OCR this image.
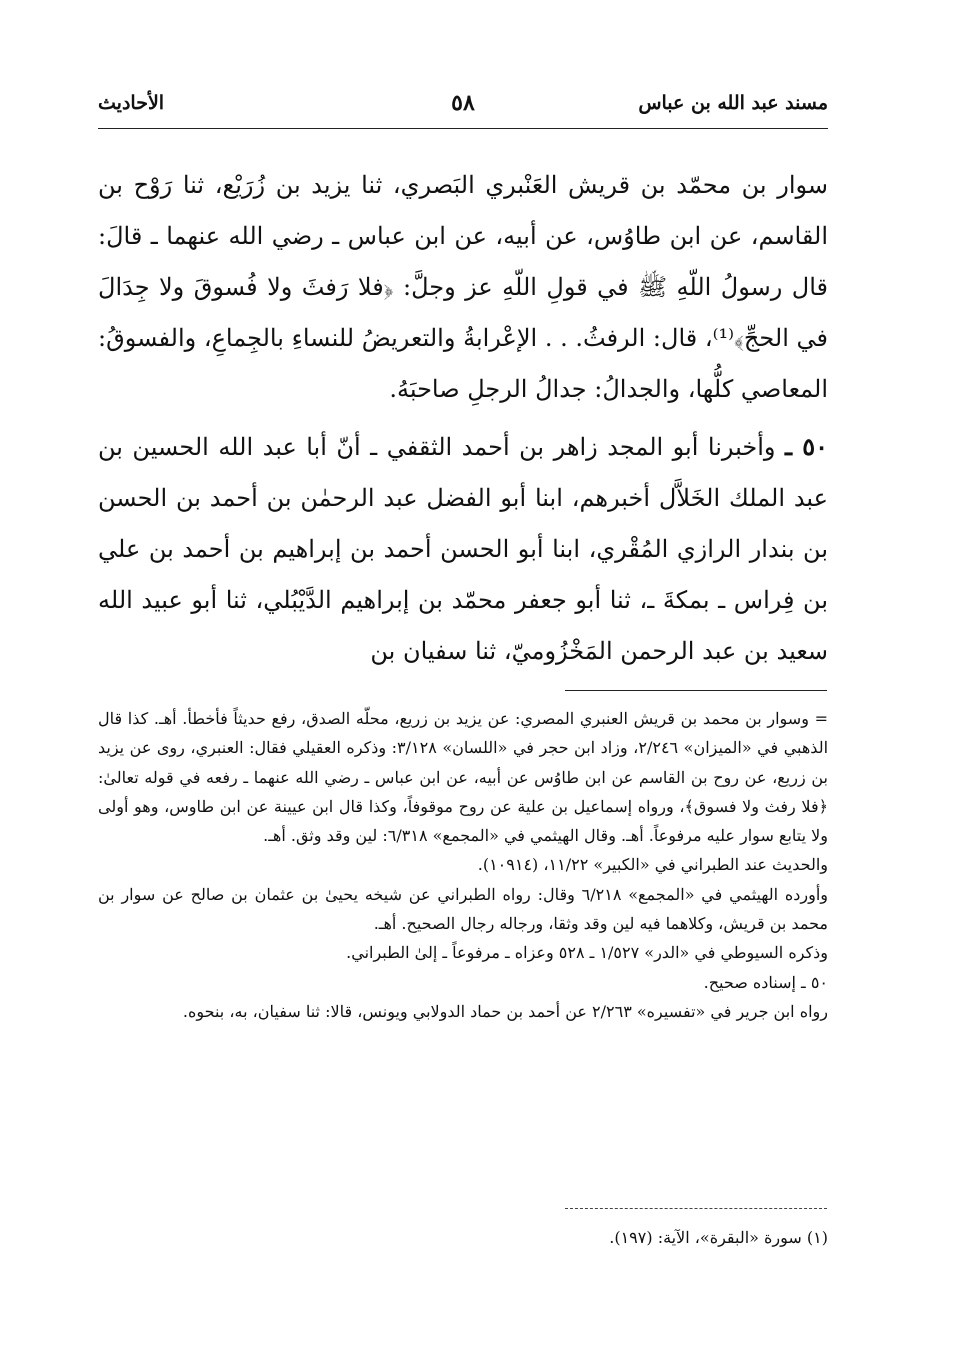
مسند عبد الله بن عباس
٥٨
الأحاديث

سوار بن محمّد بن قريش العَنْبري البَصري، ثنا يزيد بن زُرَيْع، ثنا رَوْح بن القاسم، عن ابن طاوُس، عن أبيه، عن ابن عباس ـ رضي الله عنهما ـ قالَ: قال رسولُ اللّهِ ﷺ في قولِ اللّهِ عز وجلَّ: ﴿فلا رَفثَ ولا فُسوقَ ولا جِدَالَ في الحجِّ﴾⁽¹⁾، قال: الرفثُ. . . الإعْرابةُ والتعريضُ للنساءِ بالجِماعِ، والفسوقُ: المعاصي كلُّها، والجدالُ: جدالُ الرجلِ صاحبَهُ.

٥٠ ـ وأخبرنا أبو المجد زاهر بن أحمد الثقفي ـ أنّ أبا عبد الله الحسين بن عبد الملك الخَلاَّل أخبرهم، ابنا أبو الفضل عبد الرحمٰن بن أحمد بن الحسن بن بندار الرازي المُقْري، ابنا أبو الحسن أحمد بن إبراهيم بن أحمد بن علي بن فِراس ـ بمكةَ ـ، ثنا أبو جعفر محمّد بن إبراهيم الدَّيْبُلي، ثنا أبو عبيد الله سعيد بن عبد الرحمن المَخْزُوميّ، ثنا سفيان بن

= وسوار بن محمد بن قريش العنبري المصري: عن يزيد بن زريع، محلّه الصدق، رفع حديثاً فأخطأ. أهـ. كذا قال الذهبي في «الميزان» ٢/٢٤٦، وزاد ابن حجر في «اللسان» ٣/١٢٨: وذكره العقيلي فقال: العنبري، روى عن يزيد بن زريع، عن روح بن القاسم عن ابن طاوُس عن أبيه، عن ابن عباس ـ رضي الله عنهما ـ رفعه في قوله تعالىٰ: ﴿فلا رفث ولا فسوق﴾، ورواه إسماعيل بن علية عن روح موقوفاً، وكذا قال ابن عيينة عن ابن طاوس، وهو أولى ولا يتابع سوار عليه مرفوعاً. أهـ. وقال الهيثمي في «المجمع» ٦/٣١٨: لين وقد وثق. أهـ.

والحديث عند الطبراني في «الكبير» ١١/٢٢، (١٠٩١٤).

وأورده الهيثمي في «المجمع» ٦/٢١٨ وقال: رواه الطبراني عن شيخه يحيىٰ بن عثمان بن صالح عن سوار بن محمد بن قريش، وكلاهما فيه لين وقد وثقا، ورجاله رجال الصحيح. أهـ.

وذكره السيوطي في «الدر» ١/٥٢٧ ـ ٥٢٨ وعزاه ـ مرفوعاً ـ إلىٰ الطبراني.

٥٠ ـ إسناده صحيح.

رواه ابن جرير في «تفسيره» ٢/٢٦٣ عن أحمد بن حماد الدولابي ويونس، قالا: ثنا سفيان، به، بنحوه.

(١) سورة «البقرة»، الآية: (١٩٧).
